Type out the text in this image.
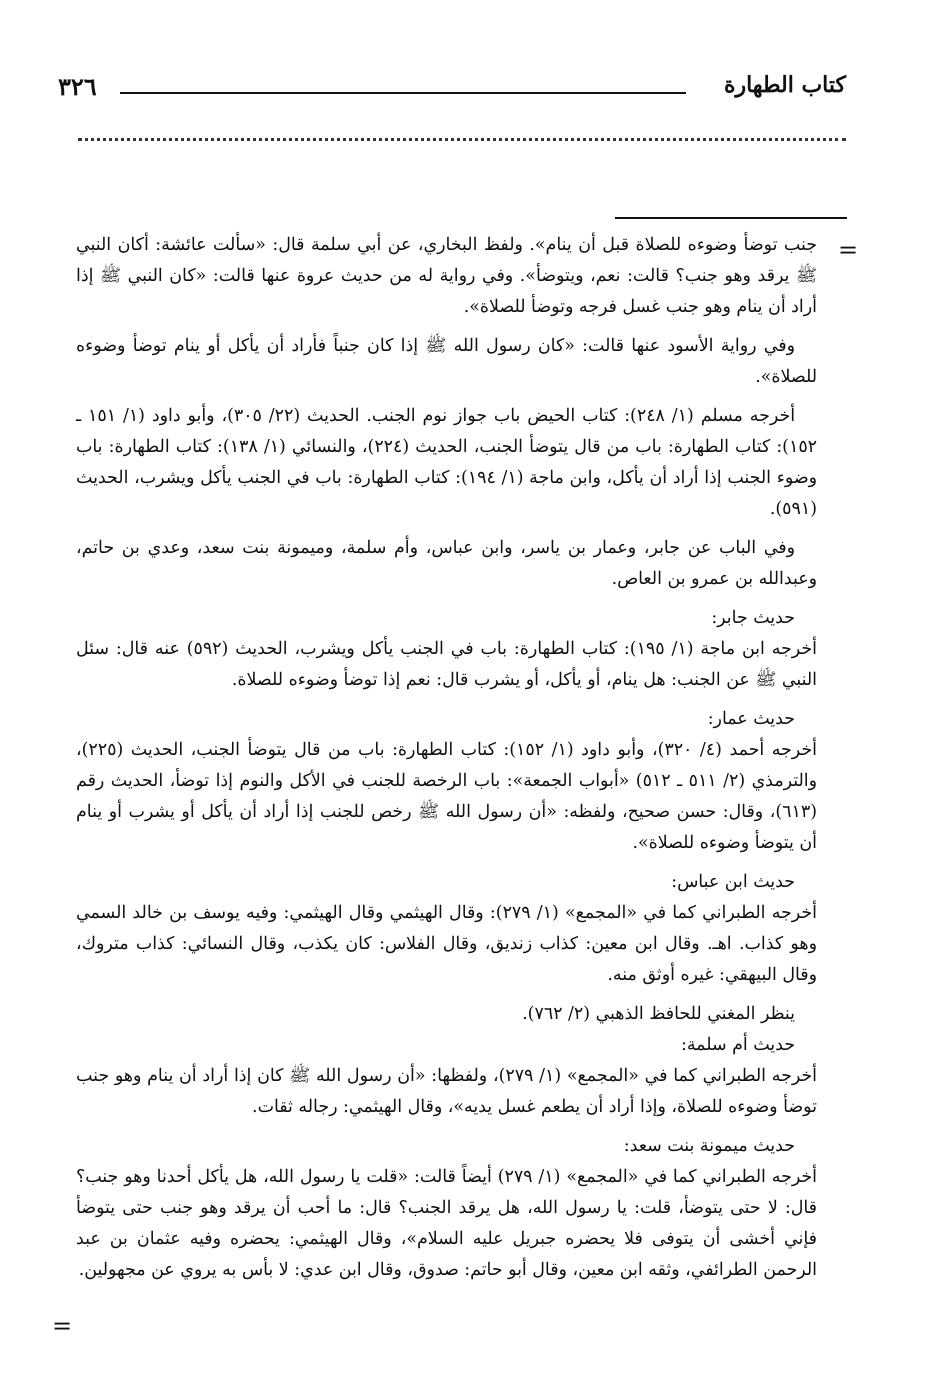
٣٢٦	كتاب الطهارة
=

جنب توضأ وضوءه للصلاة قبل أن ينام». ولفظ البخاري، عن أبي سلمة قال: «سألت عائشة: أكان النبي ﷺ يرقد وهو جنب؟ قالت: نعم، ويتوضأ». وفي رواية له من حديث عروة عنها قالت: «كان النبي ﷺ إذا أراد أن ينام وهو جنب غسل فرجه وتوضأ للصلاة».

وفي رواية الأسود عنها قالت: «كان رسول الله ﷺ إذا كان جنباً فأراد أن يأكل أو ينام توضأ وضوءه للصلاة».

أخرجه مسلم (١/ ٢٤٨): كتاب الحيض باب جواز نوم الجنب. الحديث (٢٢/ ٣٠٥)، وأبو داود (١/ ١٥١ ـ ١٥٢): كتاب الطهارة: باب من قال يتوضأ الجنب، الحديث (٢٢٤)، والنسائي (١/ ١٣٨): كتاب الطهارة: باب وضوء الجنب إذا أراد أن يأكل، وابن ماجة (١/ ١٩٤): كتاب الطهارة: باب في الجنب يأكل ويشرب، الحديث (٥٩١).

وفي الباب عن جابر، وعمار بن ياسر، وابن عباس، وأم سلمة، وميمونة بنت سعد، وعدي بن حاتم، وعبدالله بن عمرو بن العاص.

حديث جابر:

أخرجه ابن ماجة (١/ ١٩٥): كتاب الطهارة: باب في الجنب يأكل ويشرب، الحديث (٥٩٢) عنه قال: سئل النبي ﷺ عن الجنب: هل ينام، أو يأكل، أو يشرب قال: نعم إذا توضأ وضوءه للصلاة.

حديث عمار:

أخرجه أحمد (٤/ ٣٢٠)، وأبو داود (١/ ١٥٢): كتاب الطهارة: باب من قال يتوضأ الجنب، الحديث (٢٢٥)، والترمذي (٢/ ٥١١ ـ ٥١٢) «أبواب الجمعة»: باب الرخصة للجنب في الأكل والنوم إذا توضأ، الحديث رقم (٦١٣)، وقال: حسن صحيح، ولفظه: «أن رسول الله ﷺ رخص للجنب إذا أراد أن يأكل أو يشرب أو ينام أن يتوضأ وضوءه للصلاة».

حديث ابن عباس:

أخرجه الطبراني كما في «المجمع» (١/ ٢٧٩): وقال الهيثمي وقال الهيثمي: وفيه يوسف بن خالد السمي وهو كذاب. اهـ. وقال ابن معين: كذاب زنديق، وقال الفلاس: كان يكذب، وقال النسائي: كذاب متروك، وقال البيهقي: غيره أوثق منه.

ينظر المغني للحافظ الذهبي (٢/ ٧٦٢).

حديث أم سلمة:

أخرجه الطبراني كما في «المجمع» (١/ ٢٧٩)، ولفظها: «أن رسول الله ﷺ كان إذا أراد أن ينام وهو جنب توضأ وضوءه للصلاة، وإذا أراد أن يطعم غسل يديه»، وقال الهيثمي: رجاله ثقات.

حديث ميمونة بنت سعد:

أخرجه الطبراني كما في «المجمع» (١/ ٢٧٩) أيضاً قالت: «قلت يا رسول الله، هل يأكل أحدنا وهو جنب؟ قال: لا حتى يتوضأ، قلت: يا رسول الله، هل يرقد الجنب؟ قال: ما أحب أن يرقد وهو جنب حتى يتوضأ فإني أخشى أن يتوفى فلا يحضره جبريل عليه السلام»، وقال الهيثمي: يحضره وفيه عثمان بن عبد الرحمن الطرائفي، وثقه ابن معين، وقال أبو حاتم: صدوق، وقال ابن عدي: لا بأس به يروي عن مجهولين.

=
